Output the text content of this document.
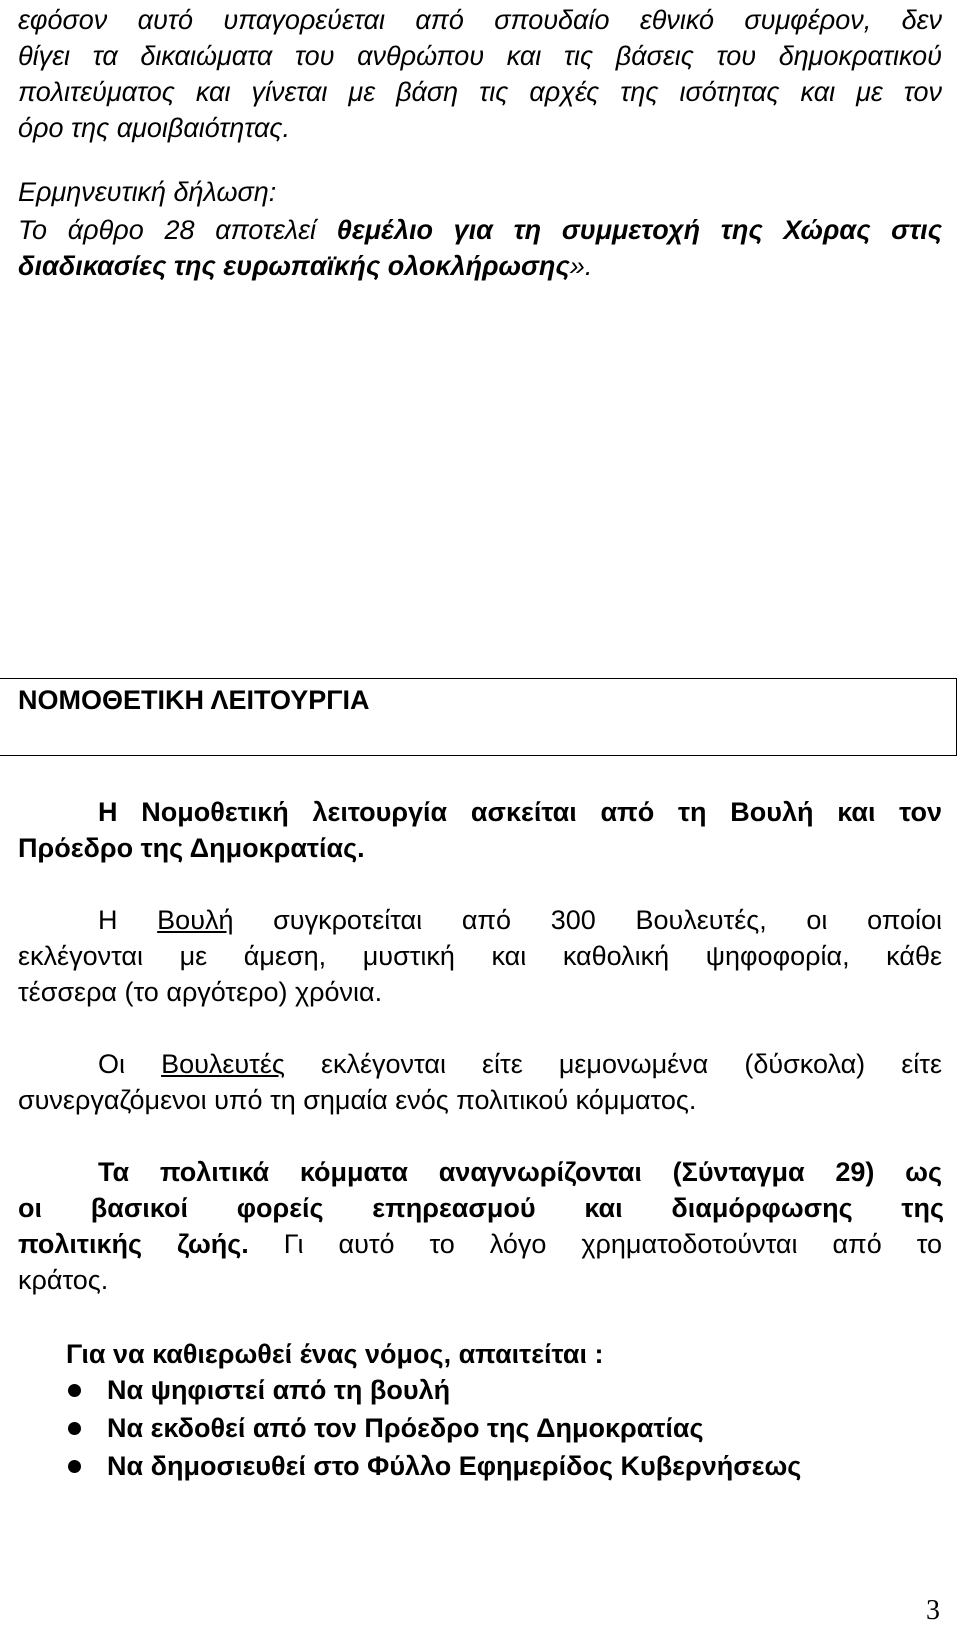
εφόσον αυτό υπαγορεύεται από σπουδαίο εθνικό συμφέρον, δεν
θίγει τα δικαιώματα του ανθρώπου και τις βάσεις του δημοκρατικού
πολιτεύματος και γίνεται με βάση τις αρχές της ισότητας και με τον
όρο της αμοιβαιότητας.
Ερμηνευτική δήλωση:
Το άρθρο 28 αποτελεί θεμέλιο για τη συμμετοχή της Χώρας στις
διαδικασίες της ευρωπαϊκής ολοκλήρωσης».
ΝΟΜΟΘΕΤΙΚΗ ΛΕΙΤΟΥΡΓΙΑ
Η Νομοθετική λειτουργία ασκείται από τη Βουλή και τον
Πρόεδρο της Δημοκρατίας.
Η Βουλή συγκροτείται από 300 Βουλευτές, οι οποίοι
εκλέγονται με άμεση, μυστική και καθολική ψηφοφορία, κάθε
τέσσερα (το αργότερο) χρόνια.
Οι Βουλευτές εκλέγονται είτε μεμονωμένα (δύσκολα) είτε
συνεργαζόμενοι υπό τη σημαία ενός πολιτικού κόμματος.
Τα πολιτικά κόμματα αναγνωρίζονται (Σύνταγμα 29) ως
οι βασικοί φορείς επηρεασμού και διαμόρφωσης της
πολιτικής ζωής. Γι αυτό το λόγο χρηματοδοτούνται από το
κράτος.
Για να καθιερωθεί ένας νόμος, απαιτείται :
Να ψηφιστεί από τη βουλή
Να εκδοθεί από τον Πρόεδρο της Δημοκρατίας
Να δημοσιευθεί στο Φύλλο Εφημερίδος Κυβερνήσεως
3
